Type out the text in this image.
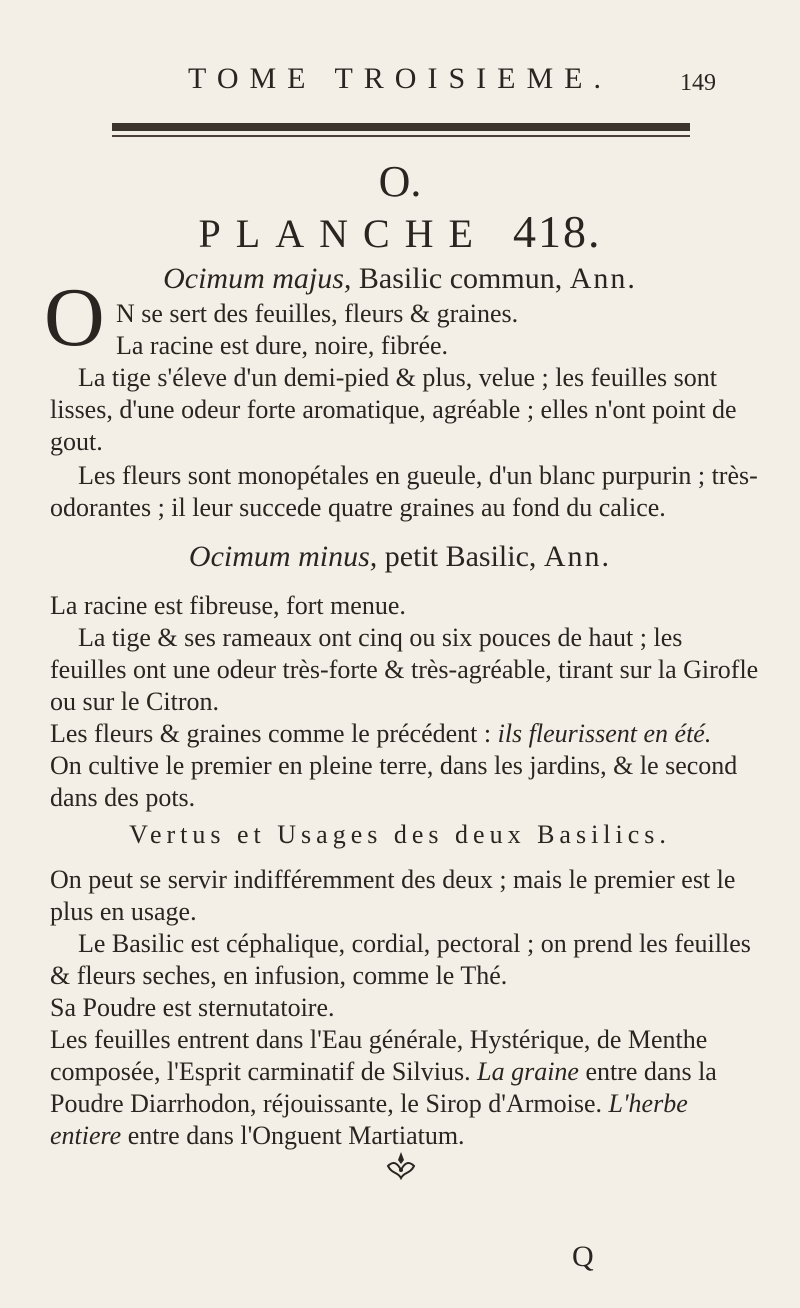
TOME TROISIEME.	149
O.
PLANCHE 418.
Ocimum majus, Basilic commun, Ann.
O N se sert des feuilles, fleurs & graines.
La racine est dure, noire, fibrée.
La tige s'éleve d'un demi-pied & plus, velue ; les feuilles sont lisses, d'une odeur forte aromatique, agréable ; elles n'ont point de gout.
Les fleurs sont monopétales en gueule, d'un blanc purpurin ; très-odorantes ; il leur succede quatre graines au fond du calice.
Ocimum minus, petit Basilic, Ann.
La racine est fibreuse, fort menue.
La tige & ses rameaux ont cinq ou six pouces de haut ; les feuilles ont une odeur très-forte & très-agréable, tirant sur la Girofle ou sur le Citron.
Les fleurs & graines comme le précédent : ils fleurissent en été.
On cultive le premier en pleine terre, dans les jardins, & le second dans des pots.
Vertus et Usages des deux Basilics.
On peut se servir indifféremment des deux ; mais le premier est le plus en usage.
Le Basilic est céphalique, cordial, pectoral ; on prend les feuilles & fleurs seches, en infusion, comme le Thé.
Sa Poudre est sternutatoire.
Les feuilles entrent dans l'Eau générale, Hystérique, de Menthe composée, l'Esprit carminatif de Silvius. La graine entre dans la Poudre Diarrhodon, réjouissante, le Sirop d'Armoise. L'herbe entiere entre dans l'Onguent Martiatum.
Q
